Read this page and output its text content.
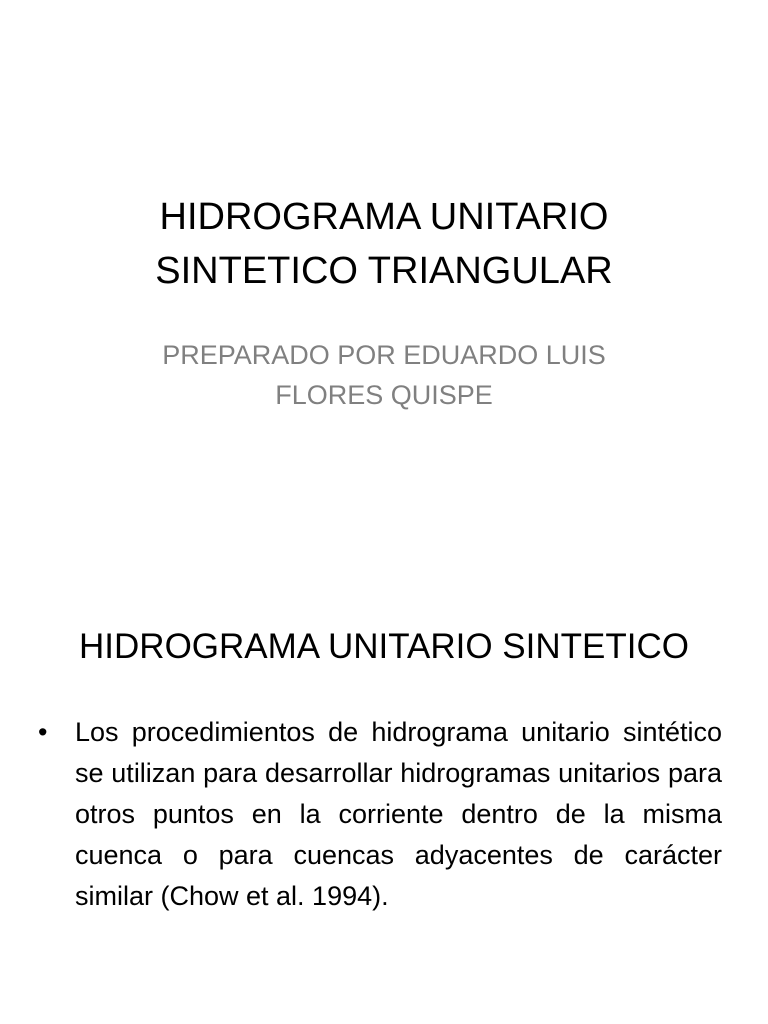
HIDROGRAMA UNITARIO
SINTETICO TRIANGULAR
PREPARADO POR EDUARDO LUIS
FLORES QUISPE
HIDROGRAMA UNITARIO SINTETICO
•	Los procedimientos de hidrograma unitario sintético se utilizan para desarrollar hidrogramas unitarios para otros puntos en la corriente dentro de la misma cuenca o para cuencas adyacentes de carácter similar (Chow et al. 1994).
